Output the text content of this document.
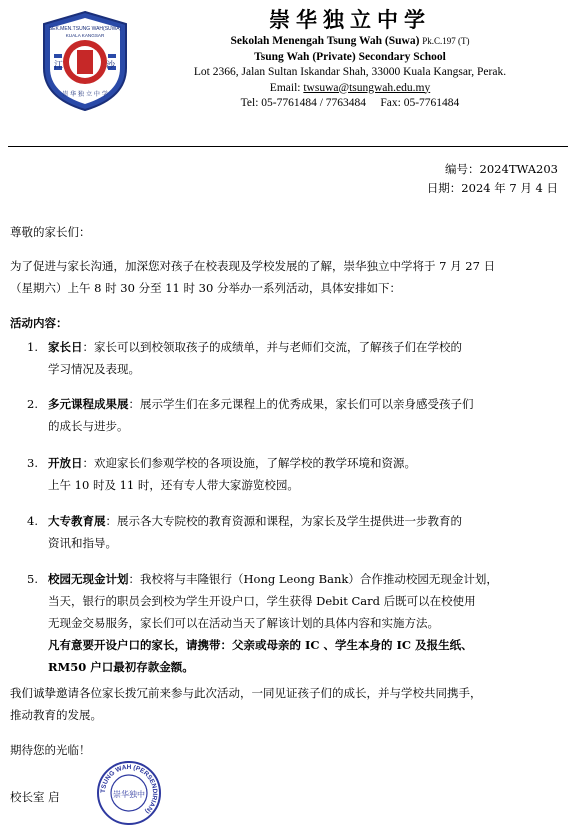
SEK.MEN.TSUNG WAH(SUWA)
KUALA KANGSAR
江	沙
崇 华 独 立 中 学
崇华独立中学
Sekolah Menengah Tsung Wah (Suwa) Pk.C.197 (T)
Tsung Wah (Private) Secondary School
Lot 2366, Jalan Sultan Iskandar Shah, 33000 Kuala Kangsar, Perak.
Email: twsuwa@tsungwah.edu.my
Tel: 05-7761484 / 7763484     Fax: 05-7761484
编号：2024TWA203
日期：2024 年 7 月 4 日
尊敬的家长们：
为了促进与家长沟通，加深您对孩子在校表现及学校发展的了解，崇华独立中学将于 7 月 27 日
（星期六）上午 8 时 30 分至 11 时 30 分举办一系列活动，具体安排如下：
活动内容：
1. 家长日：家长可以到校领取孩子的成绩单，并与老师们交流，了解孩子们在学校的
学习情况及表现。
2. 多元课程成果展：展示学生们在多元课程上的优秀成果，家长们可以亲身感受孩子们
的成长与进步。
3. 开放日：欢迎家长们参观学校的各项设施，了解学校的教学环境和资源。
上午 10 时及 11 时，还有专人带大家游览校园。
4. 大专教育展：展示各大专院校的教育资源和课程，为家长及学生提供进一步教育的
资讯和指导。
5. 校园无现金计划：我校将与丰隆银行（Hong Leong Bank）合作推动校园无现金计划，
当天，银行的职员会到校为学生开设户口，学生获得 Debit Card 后既可以在校使用
无现金交易服务，家长们可以在活动当天了解该计划的具体内容和实施方法。
凡有意要开设户口的家长，请携带：父亲或母亲的 IC 、学生本身的 IC 及报生纸、
RM50 户口最初存款金额。
我们诚挚邀请各位家长拨冗前来参与此次活动，一同见证孩子们的成长，并与学校共同携手，
推动教育的发展。
期待您的光临！
校长室 启	TSUNG WAH (PERSENDIRIAN)
崇华独中
